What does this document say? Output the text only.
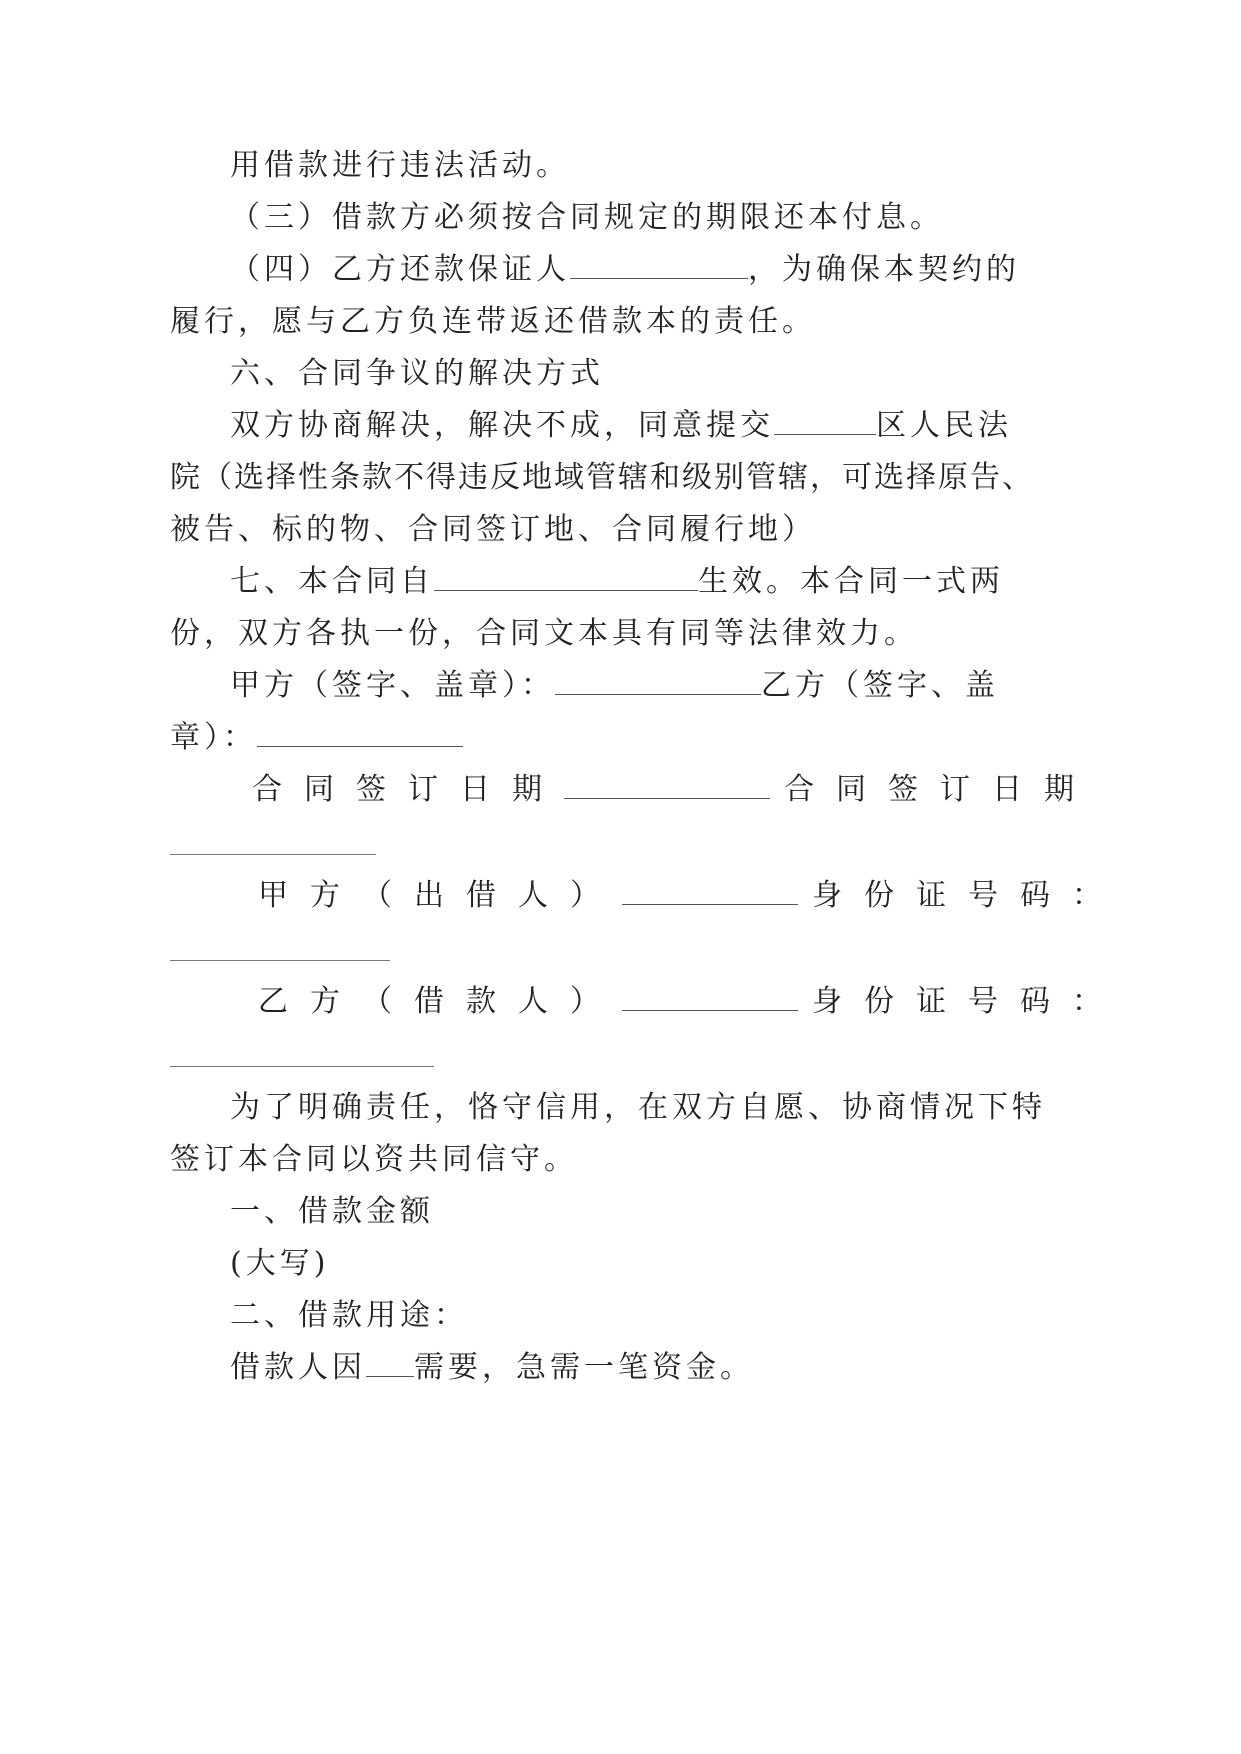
用借款进行违法活动。
（三）借款方必须按合同规定的期限还本付息。
（四）乙方还款保证人	，为确保本契约的
履行，愿与乙方负连带返还借款本的责任。
六、合同争议的解决方式
双方协商解决，解决不成，同意提交	区人民法
院（选择性条款不得违反地域管辖和级别管辖，可选择原告、
被告、标的物、合同签订地、合同履行地）
七、本合同自	生效。本合同一式两
份，双方各执一份，合同文本具有同等法律效力。
甲方（签字、盖章）：	乙方（签字、盖
章）：
合同签订日期	合同签订日期
甲方（出借人）	身份证号码：
乙方（借款人）	身份证号码：
为了明确责任，恪守信用，在双方自愿、协商情况下特
签订本合同以资共同信守。
一、借款金额
(大写)
二、借款用途：
借款人因 需要，急需一笔资金。
